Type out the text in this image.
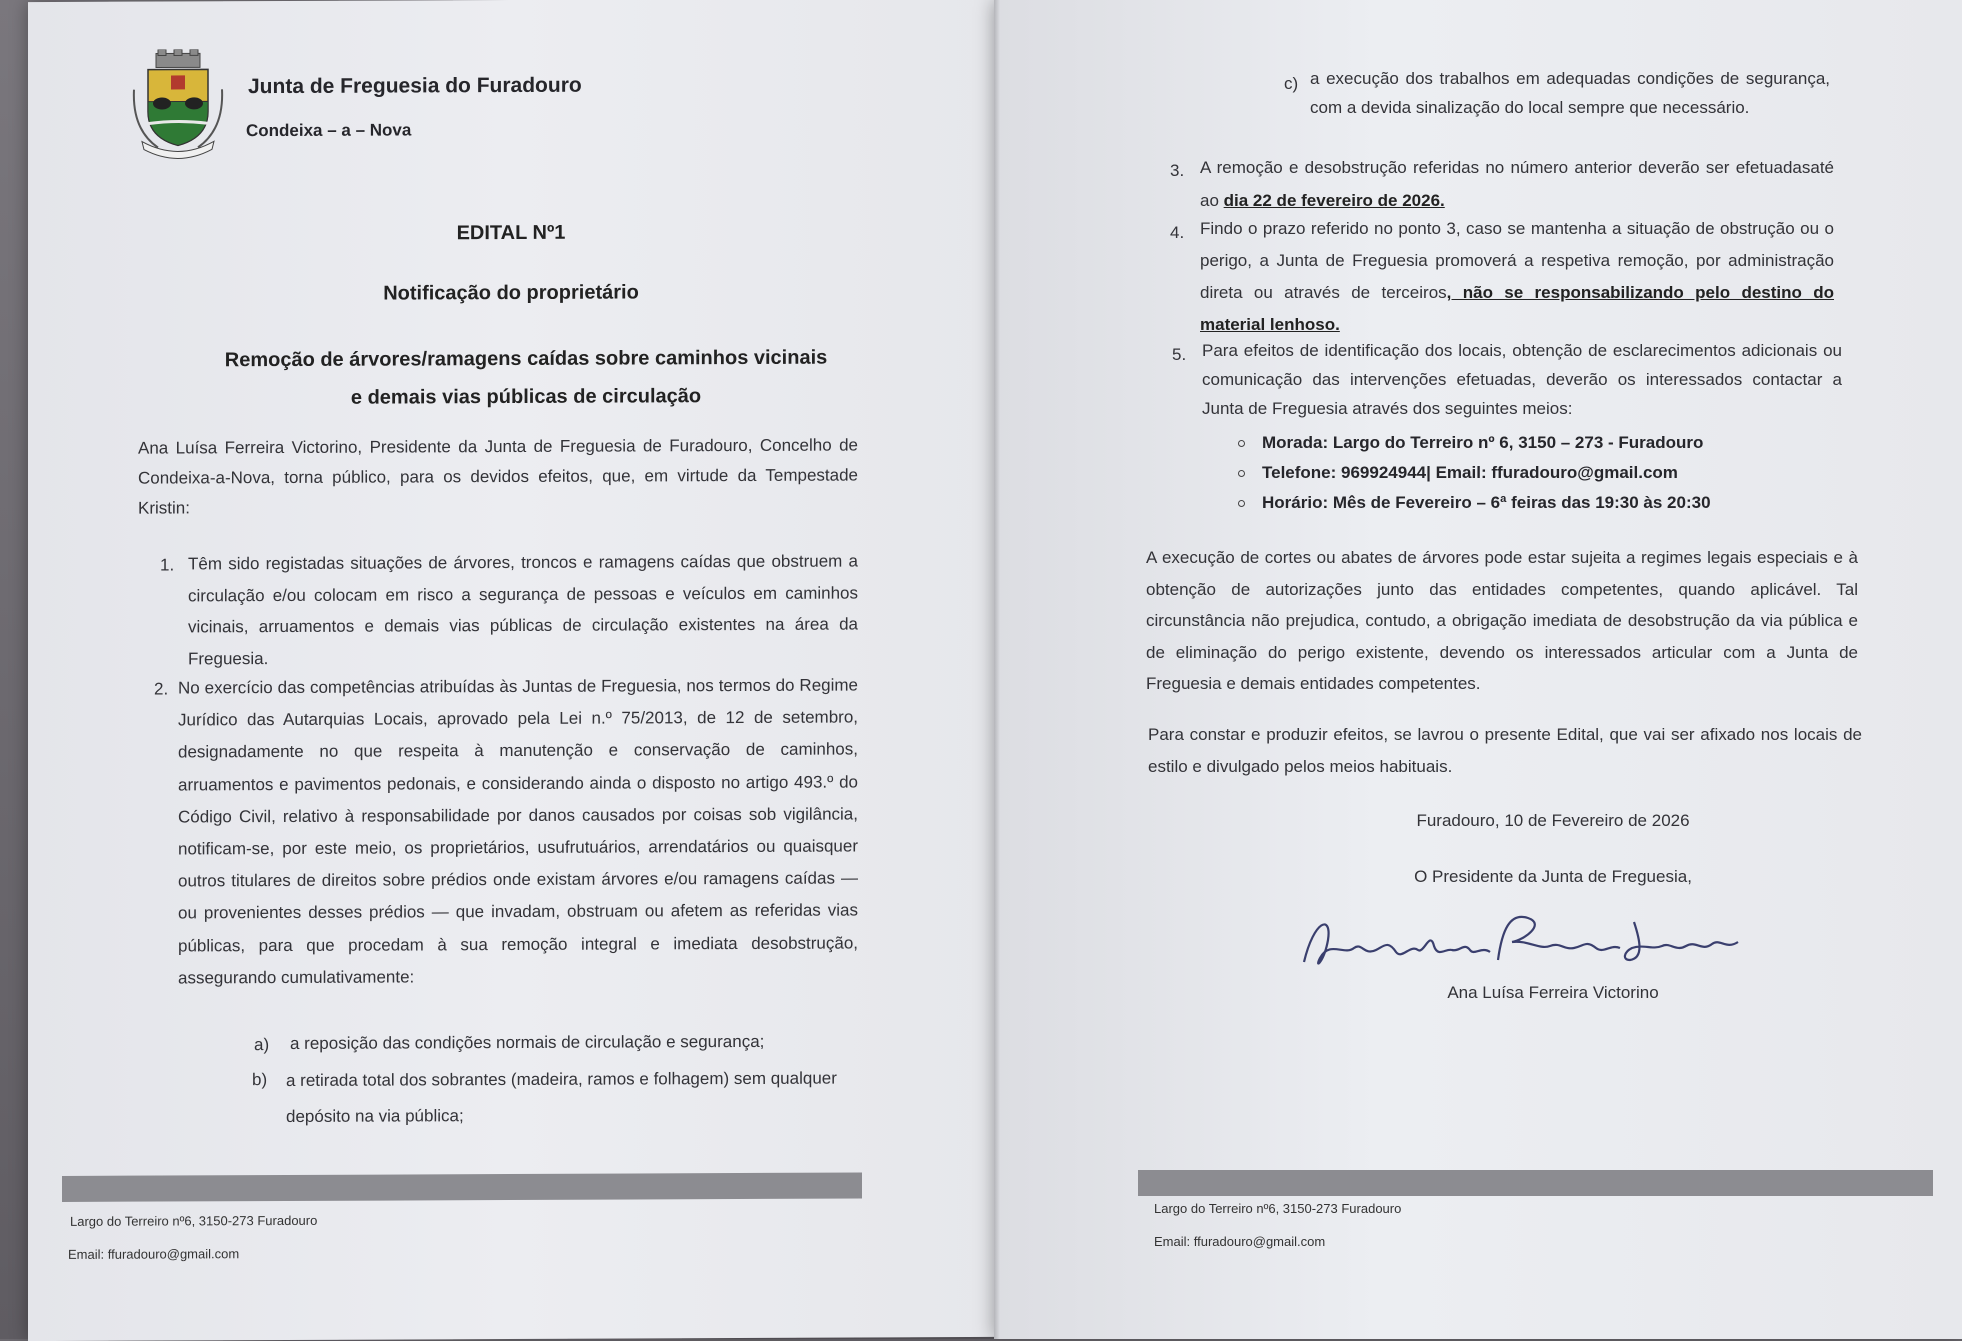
Junta de Freguesia do Furadouro
Condeixa – a – Nova
EDITAL Nº1
Notificação do proprietário
Remoção de árvores/ramagens caídas sobre caminhos vicinais
e demais vias públicas de circulação
Ana Luísa Ferreira Victorino, Presidente da Junta de Freguesia de Furadouro, Concelho de Condeixa-a-Nova, torna público, para os devidos efeitos, que, em virtude da Tempestade Kristin:
1. Têm sido registadas situações de árvores, troncos e ramagens caídas que obstruem a circulação e/ou colocam em risco a segurança de pessoas e veículos em caminhos vicinais, arruamentos e demais vias públicas de circulação existentes na área da Freguesia.
2. No exercício das competências atribuídas às Juntas de Freguesia, nos termos do Regime Jurídico das Autarquias Locais, aprovado pela Lei n.º 75/2013, de 12 de setembro, designadamente no que respeita à manutenção e conservação de caminhos, arruamentos e pavimentos pedonais, e considerando ainda o disposto no artigo 493.º do Código Civil, relativo à responsabilidade por danos causados por coisas sob vigilância, notificam-se, por este meio, os proprietários, usufrutuários, arrendatários ou quaisquer outros titulares de direitos sobre prédios onde existam árvores e/ou ramagens caídas — ou provenientes desses prédios — que invadam, obstruam ou afetem as referidas vias públicas, para que procedam à sua remoção integral e imediata desobstrução, assegurando cumulativamente:
a) a reposição das condições normais de circulação e segurança;
b) a retirada total dos sobrantes (madeira, ramos e folhagem) sem qualquer depósito na via pública;
Largo do Terreiro nº6, 3150-273 Furadouro
Email: ffuradouro@gmail.com
c) a execução dos trabalhos em adequadas condições de segurança, com a devida sinalização do local sempre que necessário.
3. A remoção e desobstrução referidas no número anterior deverão ser efetuadasaté ao dia 22 de fevereiro de 2026.
4. Findo o prazo referido no ponto 3, caso se mantenha a situação de obstrução ou o perigo, a Junta de Freguesia promoverá a respetiva remoção, por administração direta ou através de terceiros, não se responsabilizando pelo destino do material lenhoso.
5. Para efeitos de identificação dos locais, obtenção de esclarecimentos adicionais ou comunicação das intervenções efetuadas, deverão os interessados contactar a Junta de Freguesia através dos seguintes meios:
Morada: Largo do Terreiro nº 6, 3150 – 273 - Furadouro
Telefone: 969924944| Email: ffuradouro@gmail.com
Horário: Mês de Fevereiro – 6ª feiras das 19:30 às 20:30
A execução de cortes ou abates de árvores pode estar sujeita a regimes legais especiais e à obtenção de autorizações junto das entidades competentes, quando aplicável. Tal circunstância não prejudica, contudo, a obrigação imediata de desobstrução da via pública e de eliminação do perigo existente, devendo os interessados articular com a Junta de Freguesia e demais entidades competentes.
Para constar e produzir efeitos, se lavrou o presente Edital, que vai ser afixado nos locais de estilo e divulgado pelos meios habituais.
Furadouro, 10 de Fevereiro de 2026
O Presidente da Junta de Freguesia,
Ana Luísa Ferreira Victorino
Largo do Terreiro nº6, 3150-273 Furadouro
Email: ffuradouro@gmail.com
